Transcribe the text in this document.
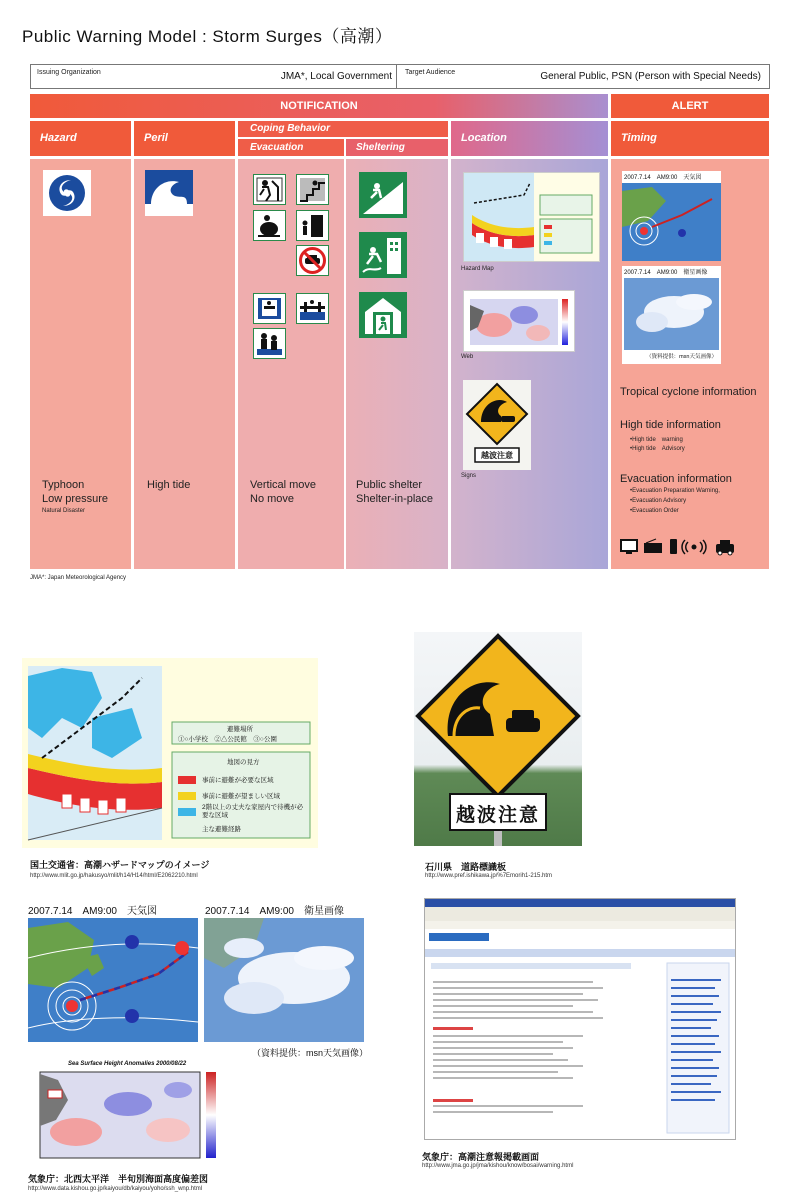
Public Warning Model : Storm Surges（高潮）
Issuing Organization	JMA*, Local Government Target Audience	General Public, PSN (Person with Special Needs)
NOTIFICATION	ALERT
Hazard	Peril
Coping Behavior
Evacuation	Sheltering
Location	Timing
Hazard Map
Web
越波注意
Signs
2007.7.14　AM9:00　天気図
2007.7.14　AM9:00　衛星画像
（資料提供：msn天気画像）
Typhoon
Low pressure
Natural Disaster
High tide	Vertical move
No move
Public shelter
Shelter-in-place
Tropical cyclone information
High tide information
•High tide　warning
•High tide　Advisory
Evacuation information
•Evacuation Preparation Warning,
•Evacuation Advisory
•Evacuation Order
JMA*: Japan Meteorological Agency
避難場所
①○小学校　②△公民館　③○公園
地図の見方
事前に避難が必要な区域
事前に避難が望ましい区域
2階以上の丈夫な家屋内で待機が必要な区域
主な避難経路
国土交通省：高潮ハザードマップのイメージ
http://www.mlit.go.jp/hakusyo/mlit/h14/H14/html/E2062210.html
越波注意
石川県　道路標識板
http://www.pref.ishikawa.jp/%7Emorih1-215.htm
2007.7.14　AM9:00　天気図	2007.7.14　AM9:00　衛星画像
（資料提供：msn天気画像）
Sea Surface Height Anomalies 2000/08/22
気象庁：北西太平洋　半旬別海面高度偏差図
http://www.data.kishou.go.jp/kaiyou/db/kaiyou/yoho/ssh_wnp.html
気象庁：高潮注意報掲載画面
http://www.jma.go.jp/jma/kishou/know/bosai/warning.html
